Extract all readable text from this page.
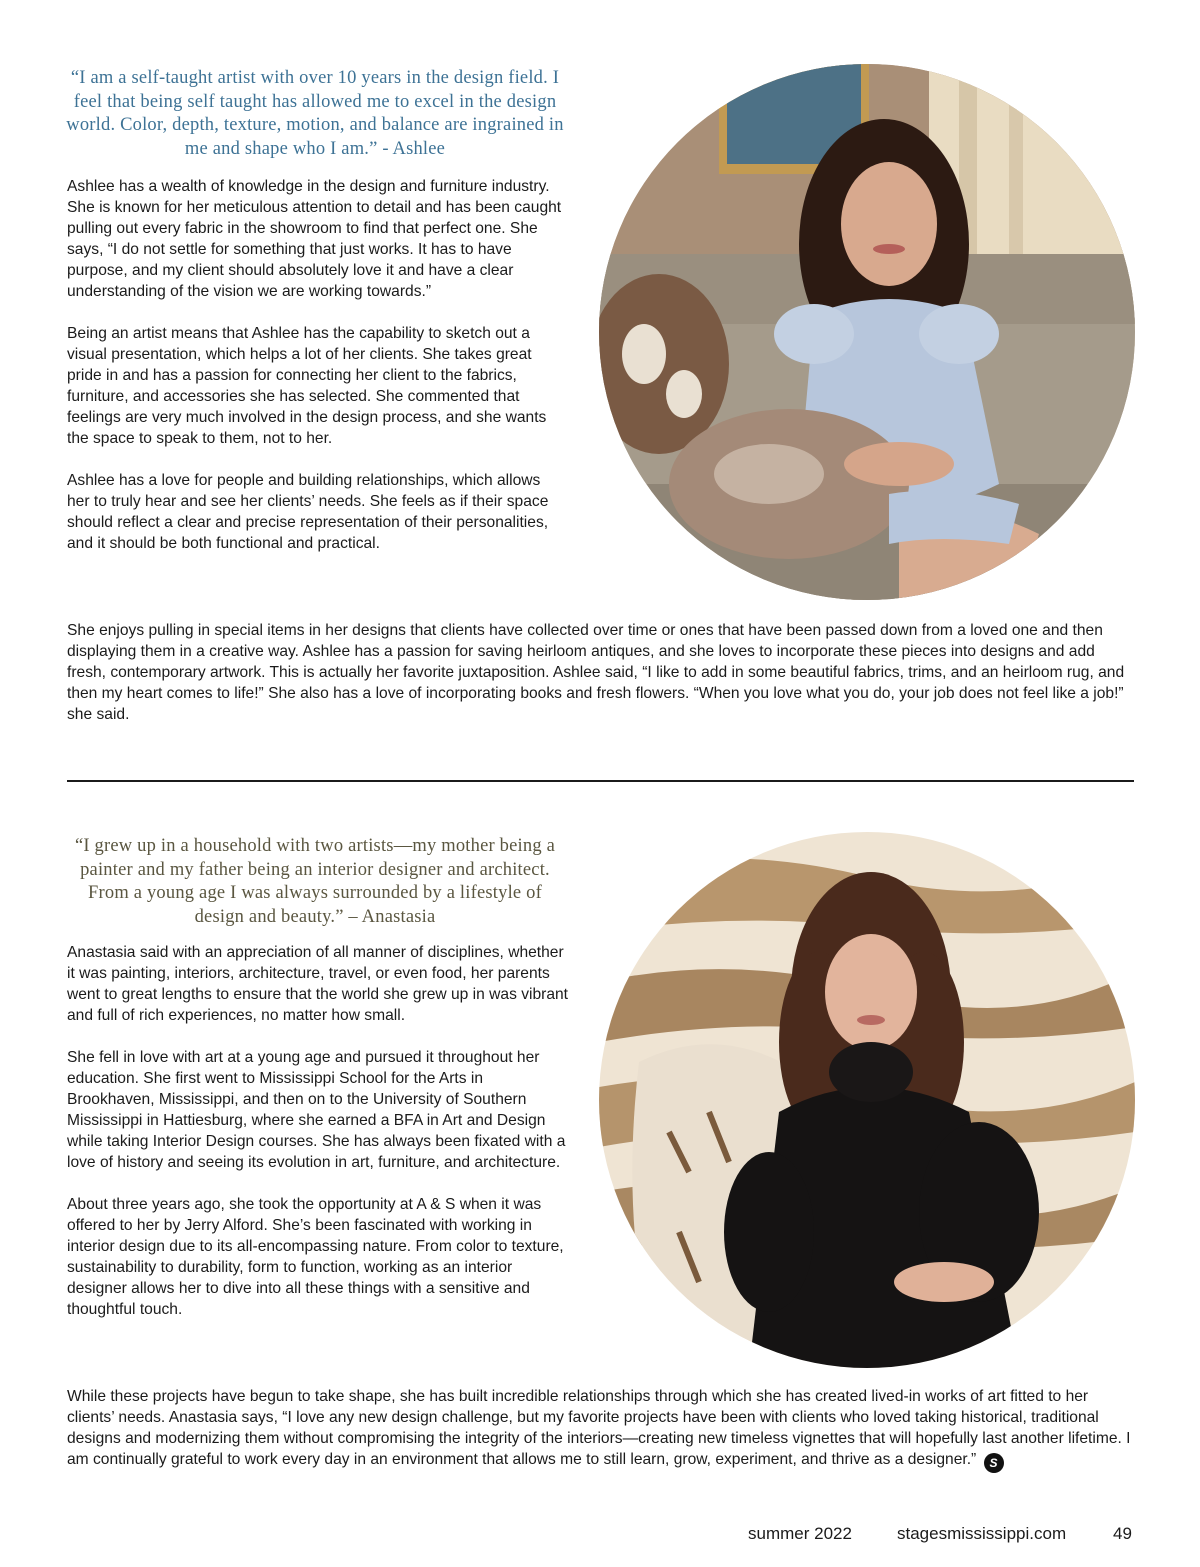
“I am a self-taught artist with over 10 years in the design field. I feel that being self taught has allowed me to excel in the design world. Color, depth, texture, motion, and balance are ingrained in me and shape who I am.” - Ashlee

Ashlee has a wealth of knowledge in the design and furniture industry. She is known for her meticulous attention to detail and has been caught pulling out every fabric in the showroom to find that perfect one. She says, “I do not settle for something that just works. It has to have purpose, and my client should absolutely love it and have a clear understanding of the vision we are working towards.”

Being an artist means that Ashlee has the capability to sketch out a visual presentation, which helps a lot of her clients. She takes great pride in and has a passion for connecting her client to the fabrics, furniture, and accessories she has selected. She commented that feelings are very much involved in the design process, and she wants the space to speak to them, not to her.

Ashlee has a love for people and building relationships, which allows her to truly hear and see her clients’ needs. She feels as if their space should reflect a clear and precise representation of their personalities, and it should be both functional and practical.

She enjoys pulling in special items in her designs that clients have collected over time or ones that have been passed down from a loved one and then displaying them in a creative way. Ashlee has a passion for saving heirloom antiques, and she loves to incorporate these pieces into designs and add fresh, contemporary artwork. This is actually her favorite juxtaposition. Ashlee said, “I like to add in some beautiful fabrics, trims, and an heirloom rug, and then my heart comes to life!” She also has a love of incorporating books and fresh flowers. “When you love what you do, your job does not feel like a job!” she said.

“I grew up in a household with two artists—my mother being a painter and my father being an interior designer and architect. From a young age I was always surrounded by a lifestyle of design and beauty.” – Anastasia

Anastasia said with an appreciation of all manner of disciplines, whether it was painting, interiors, architecture, travel, or even food, her parents went to great lengths to ensure that the world she grew up in was vibrant and full of rich experiences, no matter how small.

She fell in love with art at a young age and pursued it throughout her education. She first went to Mississippi School for the Arts in Brookhaven, Mississippi, and then on to the University of Southern Mississippi in Hattiesburg, where she earned a BFA in Art and Design while taking Interior Design courses. She has always been fixated with a love of history and seeing its evolution in art, furniture, and architecture.

About three years ago, she took the opportunity at A & S when it was offered to her by Jerry Alford. She’s been fascinated with working in interior design due to its all-encompassing nature. From color to texture, sustainability to durability, form to function, working as an interior designer allows her to dive into all these things with a sensitive and thoughtful touch.

While these projects have begun to take shape, she has built incredible relationships through which she has created lived-in works of art fitted to her clients’ needs. Anastasia says, “I love any new design challenge, but my favorite projects have been with clients who loved taking historical, traditional designs and modernizing them without compromising the integrity of the interiors—creating new timeless vignettes that will hopefully last another lifetime. I am continually grateful to work every day in an environment that allows me to still learn, grow, experiment, and thrive as a designer.” S

summer 2022	stagesmississippi.com	49
